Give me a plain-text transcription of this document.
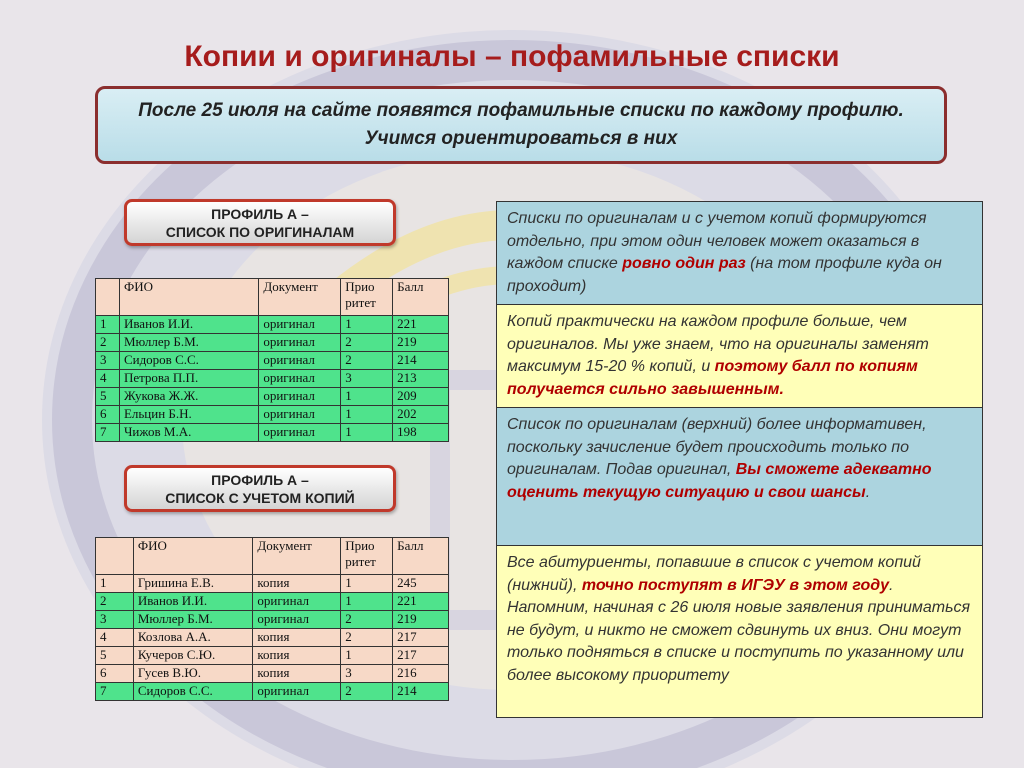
Копии и оригиналы – пофамильные списки
После 25 июля на сайте появятся пофамильные списки по каждому профилю. Учимся ориентироваться в них
ПРОФИЛЬ А –
СПИСОК ПО ОРИГИНАЛАМ
	ФИО	Документ	Прио ритет	Балл
1	Иванов И.И.	оригинал	1	221
2	Мюллер Б.М.	оригинал	2	219
3	Сидоров С.С.	оригинал	2	214
4	Петрова П.П.	оригинал	3	213
5	Жукова Ж.Ж.	оригинал	1	209
6	Ельцин Б.Н.	оригинал	1	202
7	Чижов М.А.	оригинал	1	198
ПРОФИЛЬ А –
СПИСОК С УЧЕТОМ КОПИЙ
	ФИО	Документ	Прио ритет	Балл
1	Гришина Е.В.	копия	1	245
2	Иванов И.И.	оригинал	1	221
3	Мюллер Б.М.	оригинал	2	219
4	Козлова А.А.	копия	2	217
5	Кучеров С.Ю.	копия	1	217
6	Гусев В.Ю.	копия	3	216
7	Сидоров С.С.	оригинал	2	214
Списки по оригиналам и с учетом копий формируются отдельно, при этом один человек может оказаться в каждом списке ровно один раз (на том профиле куда он проходит)
Копий практически на каждом профиле больше, чем оригиналов. Мы уже знаем, что на оригиналы заменят максимум 15-20 % копий, и поэтому балл по копиям получается сильно завышенным.
Список по оригиналам (верхний) более информативен, поскольку зачисление будет происходить только по оригиналам. Подав оригинал, Вы сможете адекватно оценить текущую ситуацию и свои шансы.
Все абитуриенты, попавшие в список с учетом копий (нижний), точно поступят в ИГЭУ в этом году. Напомним, начиная с 26 июля новые заявления приниматься не будут, и никто не сможет сдвинуть их вниз. Они могут только подняться в списке и поступить по указанному или более высокому приоритету
